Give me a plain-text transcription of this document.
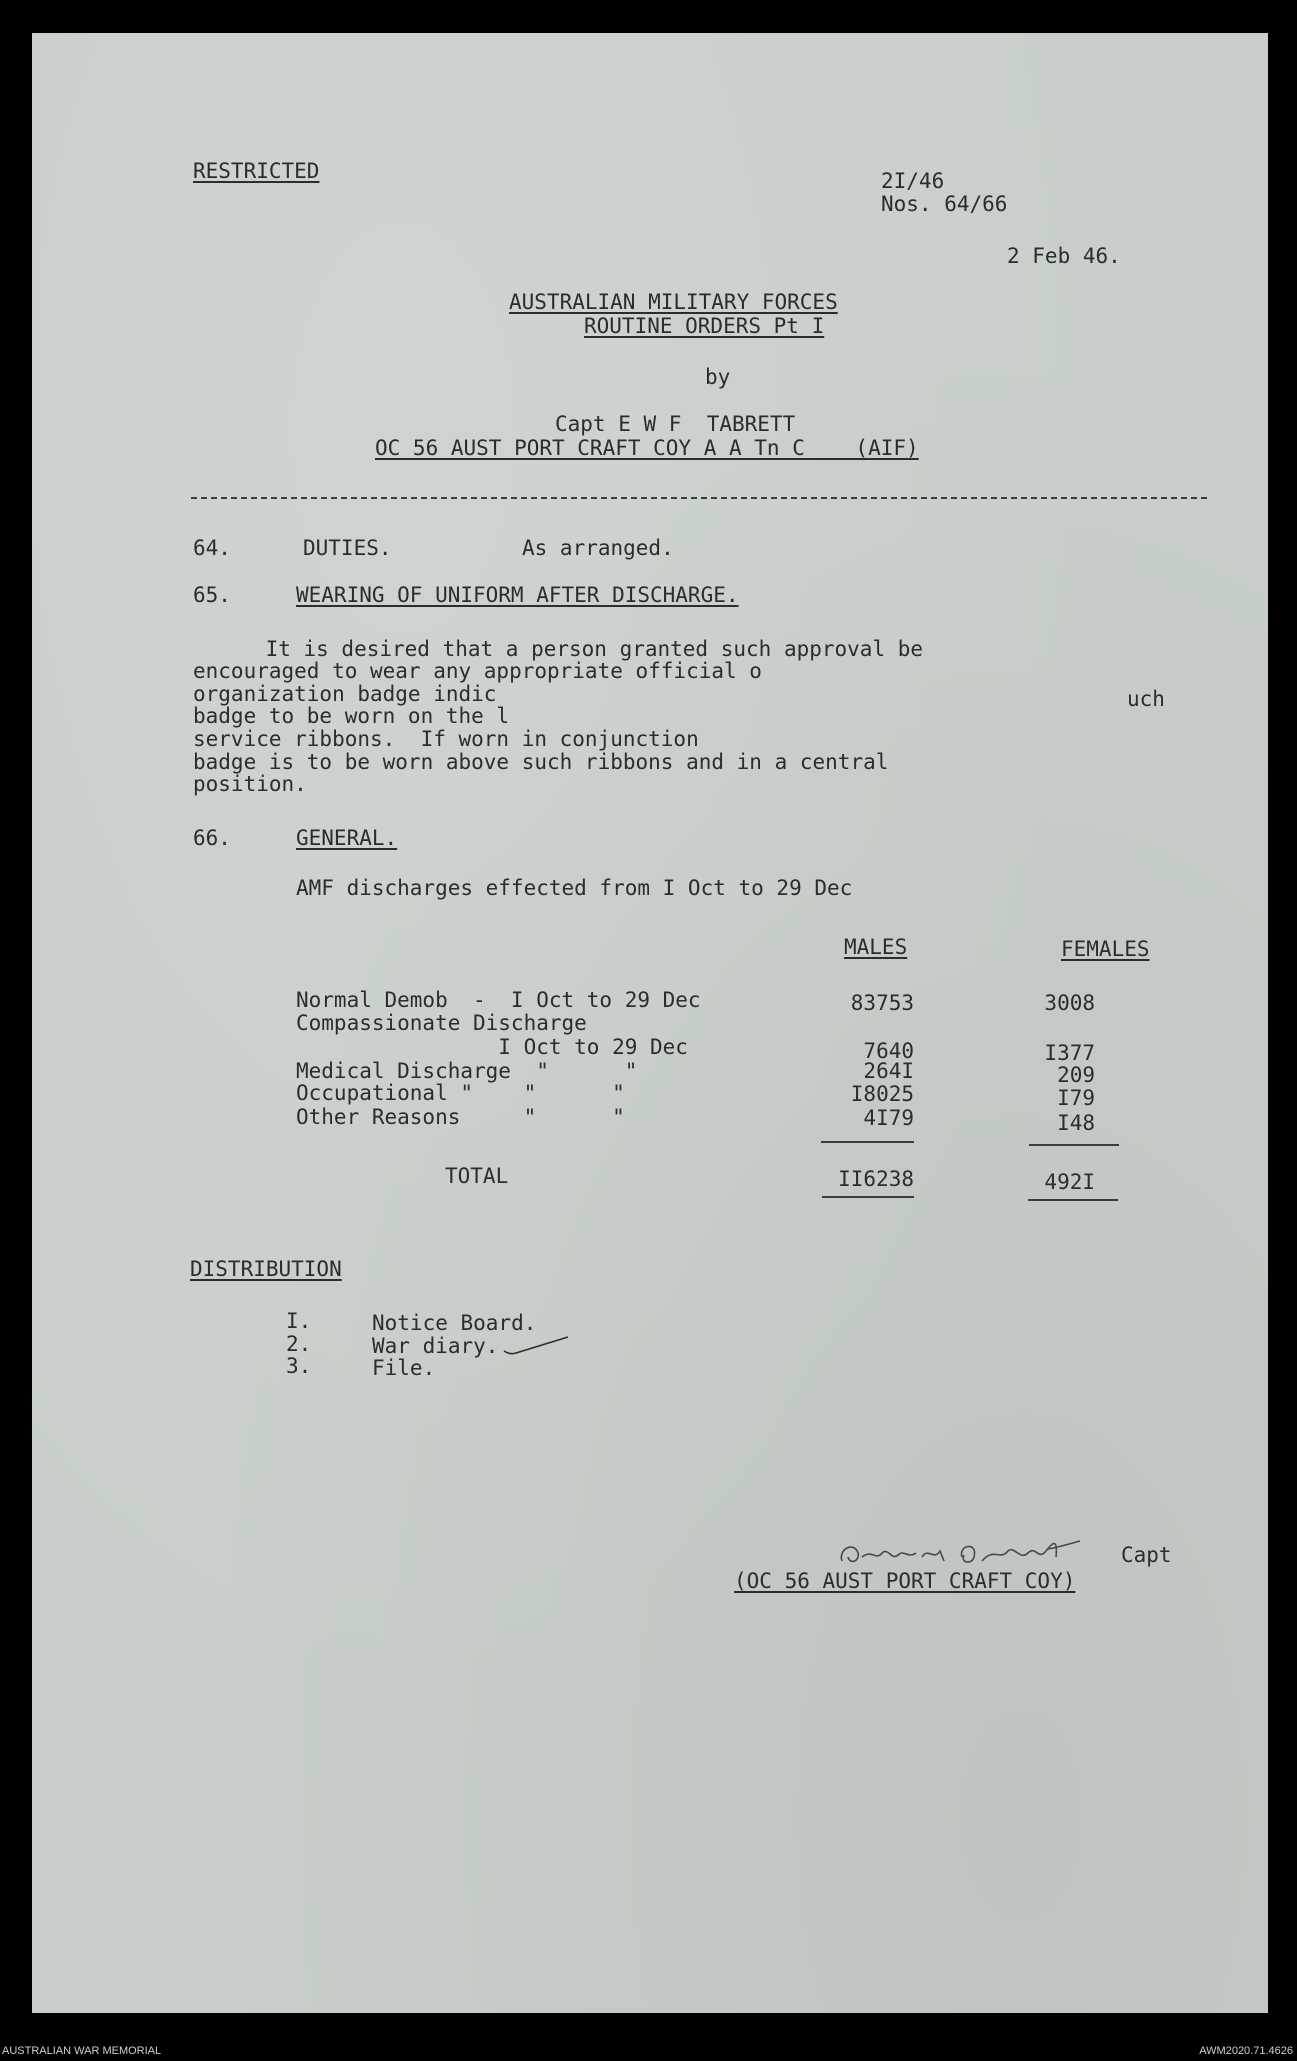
RESTRICTED	2I/46
Nos. 64/66
2 Feb 46.
AUSTRALIAN MILITARY FORCES
ROUTINE ORDERS Pt I
by
Capt E W F  TABRETT
OC 56 AUST PORT CRAFT COY A A Tn C    (AIF)
64.	DUTIES.	As arranged.
65.	WEARING OF UNIFORM AFTER DISCHARGE.
It is desired that a person granted such approval be
encouraged to wear any appropriate official o
organization badge indic	uch
badge to be worn on the l
service ribbons.  If worn in conjunction
badge is to be worn above such ribbons and in a central
position.
66.	GENERAL.
AMF discharges effected from I Oct to 29 Dec
MALES	FEMALES
Normal Demob  -  I Oct to 29 Dec	83753	3008
Compassionate Discharge
I Oct to 29 Dec	7640	I377
Medical Discharge  "      "	264I	209
Occupational "    "      "	I8025	I79
Other Reasons     "      "	4I79	I48
TOTAL	II6238	492I
DISTRIBUTION
I.	Notice Board.
2.	War diary.
3.	File.
Capt
(OC 56 AUST PORT CRAFT COY)
AUSTRALIAN WAR MEMORIAL	AWM2020.71.4626
